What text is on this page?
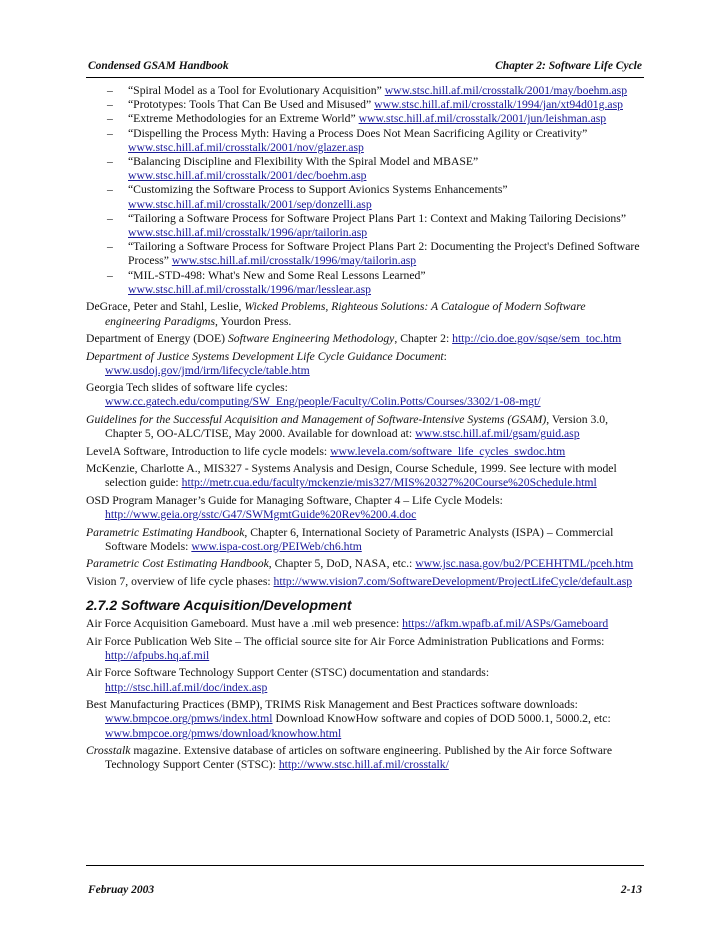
Condensed GSAM Handbook	Chapter 2: Software Life Cycle
– “Spiral Model as a Tool for Evolutionary Acquisition” www.stsc.hill.af.mil/crosstalk/2001/may/boehm.asp
– “Prototypes: Tools That Can Be Used and Misused” www.stsc.hill.af.mil/crosstalk/1994/jan/xt94d01g.asp
– “Extreme Methodologies for an Extreme World” www.stsc.hill.af.mil/crosstalk/2001/jun/leishman.asp
– “Dispelling the Process Myth: Having a Process Does Not Mean Sacrificing Agility or Creativity” www.stsc.hill.af.mil/crosstalk/2001/nov/glazer.asp
– “Balancing Discipline and Flexibility With the Spiral Model and MBASE” www.stsc.hill.af.mil/crosstalk/2001/dec/boehm.asp
– “Customizing the Software Process to Support Avionics Systems Enhancements” www.stsc.hill.af.mil/crosstalk/2001/sep/donzelli.asp
– “Tailoring a Software Process for Software Project Plans Part 1: Context and Making Tailoring Decisions” www.stsc.hill.af.mil/crosstalk/1996/apr/tailorin.asp
– “Tailoring a Software Process for Software Project Plans Part 2: Documenting the Project's Defined Software Process” www.stsc.hill.af.mil/crosstalk/1996/may/tailorin.asp
– “MIL-STD-498: What's New and Some Real Lessons Learned” www.stsc.hill.af.mil/crosstalk/1996/mar/lesslear.asp
DeGrace, Peter and Stahl, Leslie, Wicked Problems, Righteous Solutions: A Catalogue of Modern Software engineering Paradigms, Yourdon Press.
Department of Energy (DOE) Software Engineering Methodology, Chapter 2: http://cio.doe.gov/sqse/sem_toc.htm
Department of Justice Systems Development Life Cycle Guidance Document: www.usdoj.gov/jmd/irm/lifecycle/table.htm
Georgia Tech slides of software life cycles: www.cc.gatech.edu/computing/SW_Eng/people/Faculty/Colin.Potts/Courses/3302/1-08-mgt/
Guidelines for the Successful Acquisition and Management of Software-Intensive Systems (GSAM), Version 3.0, Chapter 5, OO-ALC/TISE, May 2000. Available for download at: www.stsc.hill.af.mil/gsam/guid.asp
LevelA Software, Introduction to life cycle models: www.levela.com/software_life_cycles_swdoc.htm
McKenzie, Charlotte A., MIS327 - Systems Analysis and Design, Course Schedule, 1999. See lecture with model selection guide: http://metr.cua.edu/faculty/mckenzie/mis327/MIS%20327%20Course%20Schedule.html
OSD Program Manager’s Guide for Managing Software, Chapter 4 – Life Cycle Models: http://www.geia.org/sstc/G47/SWMgmtGuide%20Rev%200.4.doc
Parametric Estimating Handbook, Chapter 6, International Society of Parametric Analysts (ISPA) – Commercial Software Models: www.ispa-cost.org/PEIWeb/ch6.htm
Parametric Cost Estimating Handbook, Chapter 5, DoD, NASA, etc.: www.jsc.nasa.gov/bu2/PCEHHTML/pceh.htm
Vision 7, overview of life cycle phases: http://www.vision7.com/SoftwareDevelopment/ProjectLifeCycle/default.asp
2.7.2 Software Acquisition/Development
Air Force Acquisition Gameboard. Must have a .mil web presence: https://afkm.wpafb.af.mil/ASPs/Gameboard
Air Force Publication Web Site – The official source site for Air Force Administration Publications and Forms: http://afpubs.hq.af.mil
Air Force Software Technology Support Center (STSC) documentation and standards: http://stsc.hill.af.mil/doc/index.asp
Best Manufacturing Practices (BMP), TRIMS Risk Management and Best Practices software downloads: www.bmpcoe.org/pmws/index.html Download KnowHow software and copies of DOD 5000.1, 5000.2, etc: www.bmpcoe.org/pmws/download/knowhow.html
Crosstalk magazine. Extensive database of articles on software engineering. Published by the Air force Software Technology Support Center (STSC): http://www.stsc.hill.af.mil/crosstalk/
Februay 2003	2-13
